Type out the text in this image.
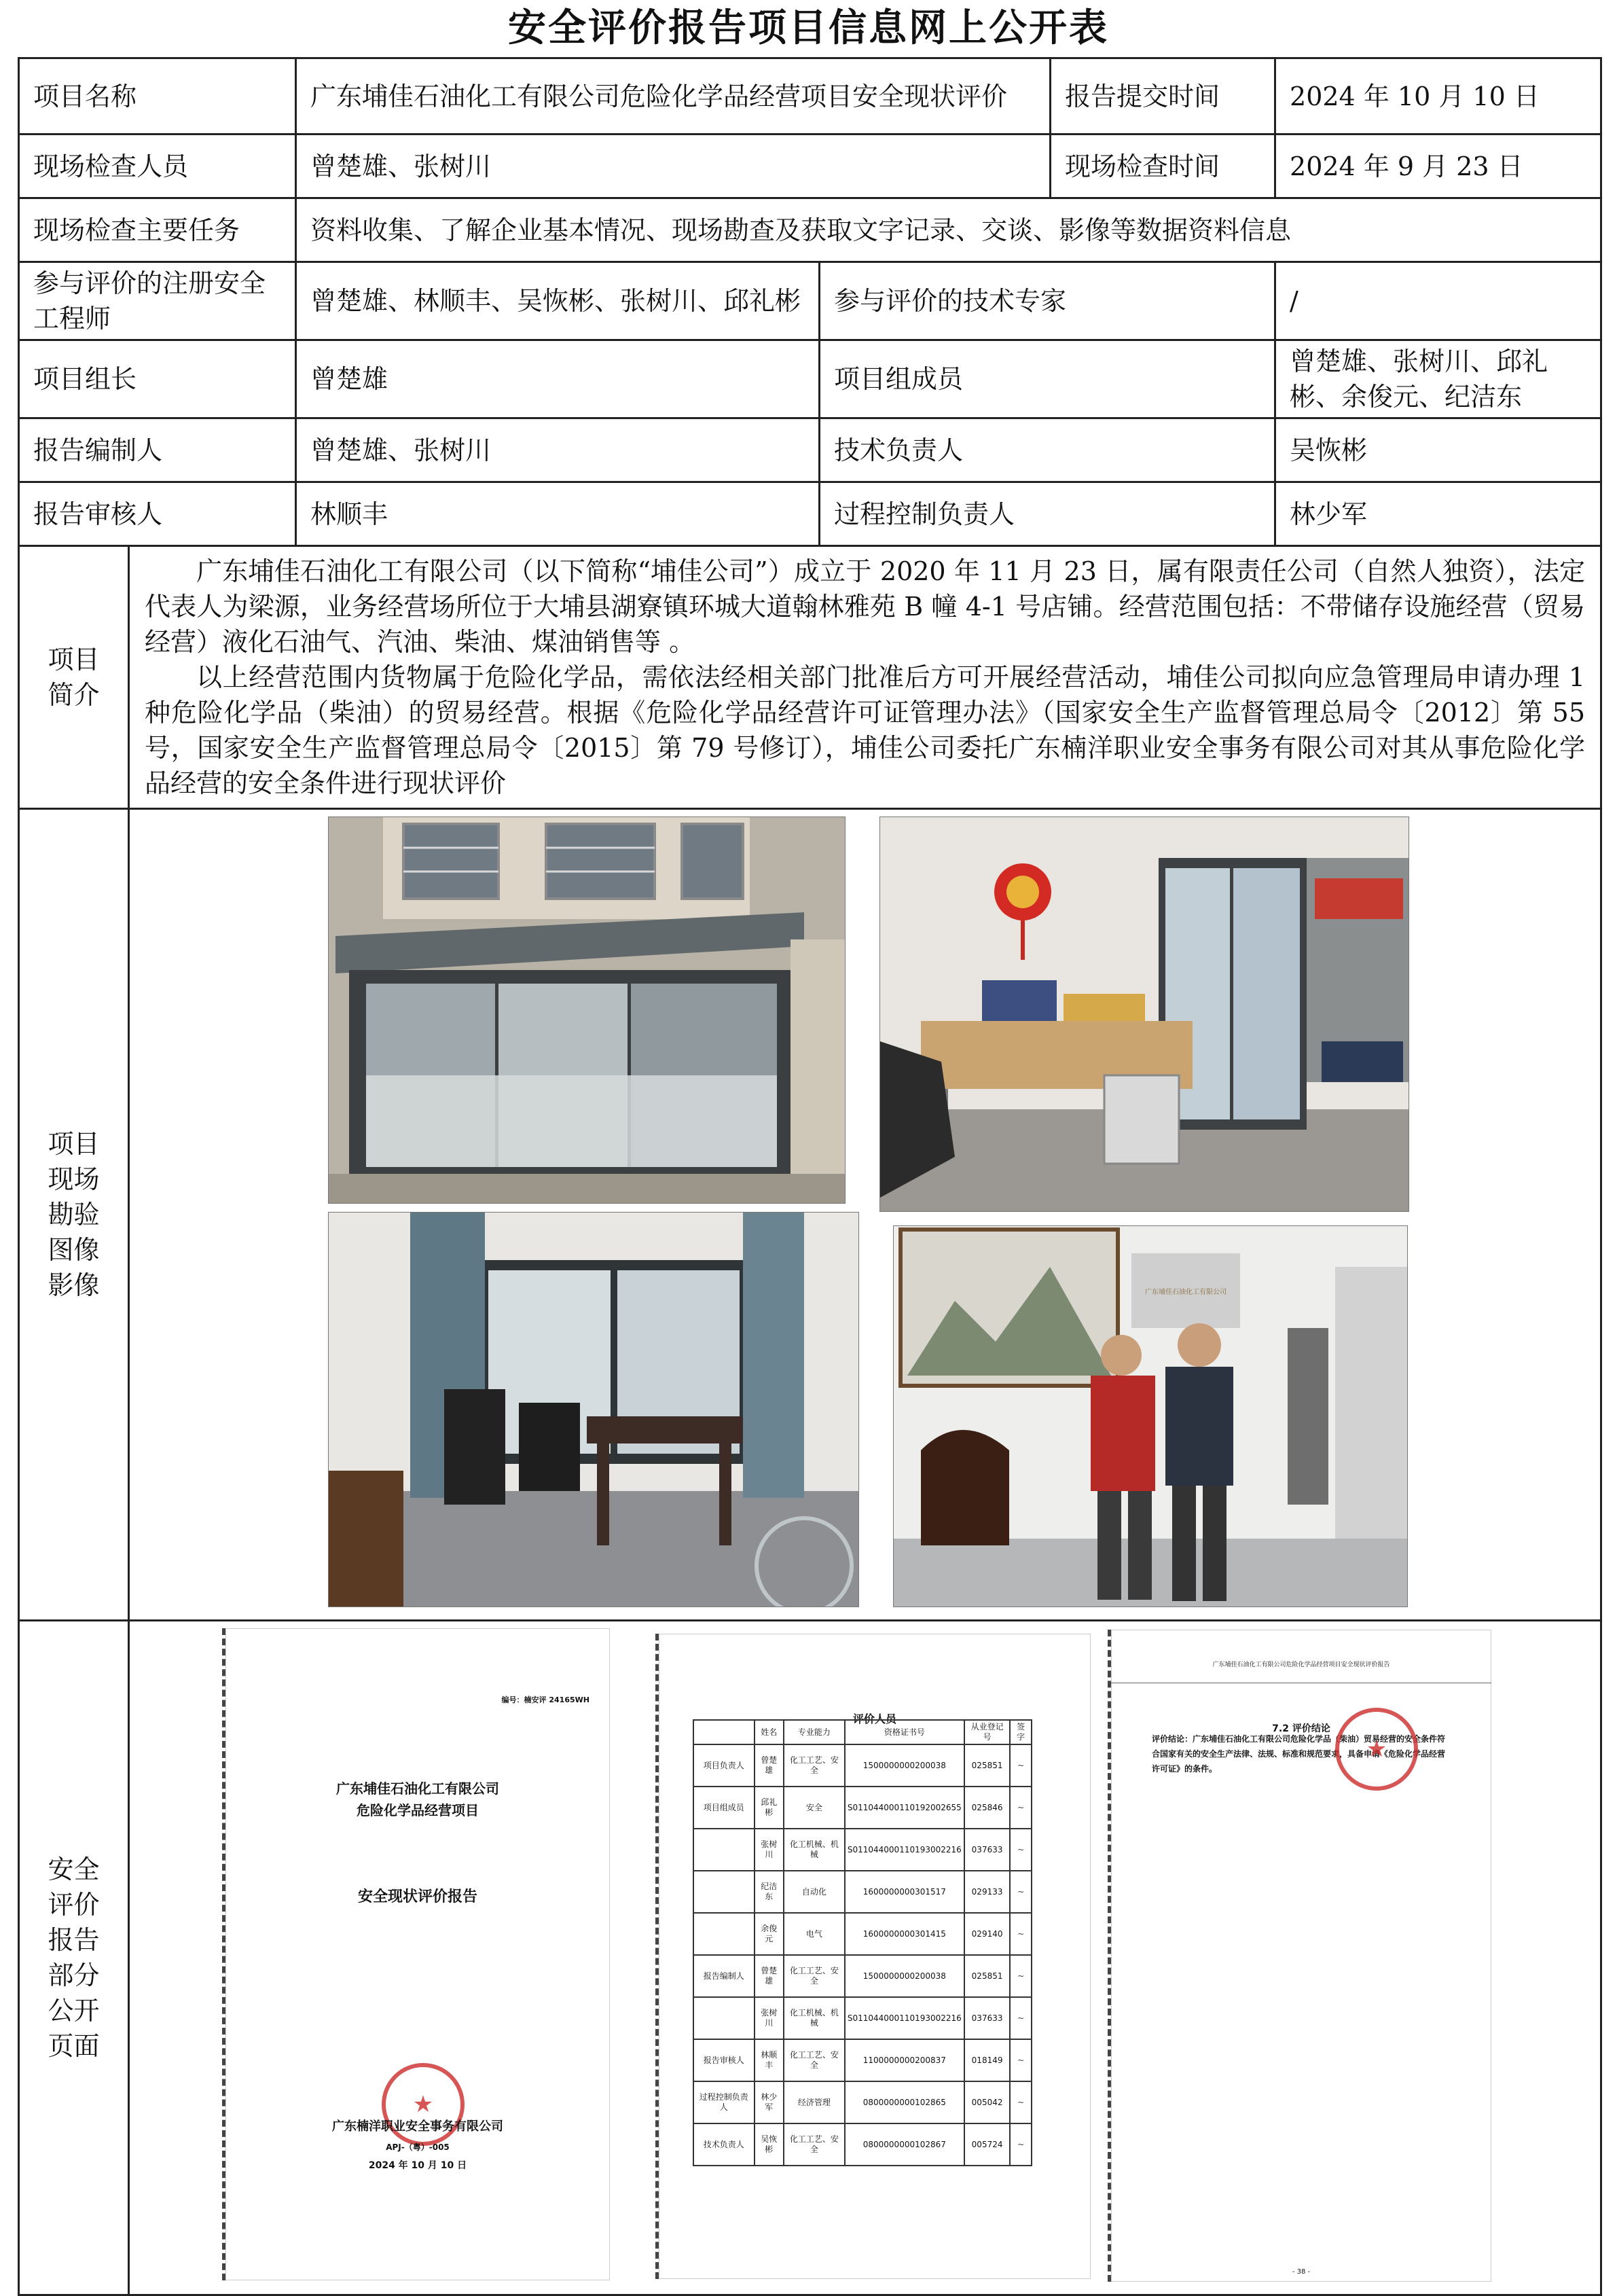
安全评价报告项目信息网上公开表
项目名称	广东埔佳石油化工有限公司危险化学品经营项目安全现状评价	报告提交时间	2024 年 10 月 10 日
现场检查人员	曾楚雄、张树川	现场检查时间	2024 年 9 月 23 日
现场检查主要任务	资料收集、了解企业基本情况、现场勘查及获取文字记录、交谈、影像等数据资料信息
参与评价的注册安全工程师	曾楚雄、林顺丰、吴恢彬、张树川、邱礼彬	参与评价的技术专家	/
项目组长	曾楚雄	项目组成员	曾楚雄、张树川、邱礼彬、余俊元、纪洁东
报告编制人	曾楚雄、张树川	技术负责人	吴恢彬
报告审核人	林顺丰	过程控制负责人	林少军

项目
简介

广东埔佳石油化工有限公司（以下简称“埔佳公司”）成立于 2020 年 11 月 23 日，属有限责任公司（自然人独资），法定代表人为梁源，业务经营场所位于大埔县湖寮镇环城大道翰林雅苑 B 幢 4-1 号店铺。经营范围包括：不带储存设施经营（贸易经营）液化石油气、汽油、柴油、煤油销售等 。

以上经营范围内货物属于危险化学品，需依法经相关部门批准后方可开展经营活动，埔佳公司拟向应急管理局申请办理 1 种危险化学品（柴油）的贸易经营。根据《危险化学品经营许可证管理办法》（国家安全生产监督管理总局令〔2012〕第 55 号，国家安全生产监督管理总局令〔2015〕第 79 号修订），埔佳公司委托广东楠洋职业安全事务有限公司对其从事危险化学品经营的安全条件进行现状评价

项目
现场
勘验
图像
影像	广东埔佳石油化工有限公司

安全
评价
报告
部分
公开
页面

编号：楠安评 24165WH
广东埔佳石油化工有限公司
危险化学品经营项目
安全现状评价报告
★
广东楠洋职业安全事务有限公司
APJ-（粤）-005
2024 年 10 月 10 日
评价人员
	姓名	专业能力	资格证书号	从业登记号	签字
项目负责人	曾楚雄	化工工艺、安全	1500000000200038	025851	~
项目组成员	邱礼彬	安全	S011044000110192002655	025846	~
	张树川	化工机械、机械	S011044000110193002216	037633	~
	纪洁东	自动化	1600000000301517	029133	~
	余俊元	电气	1600000000301415	029140	~
报告编制人	曾楚雄	化工工艺、安全	1500000000200038	025851	~
	张树川	化工机械、机械	S011044000110193002216	037633	~
报告审核人	林顺丰	化工工艺、安全	1100000000200837	018149	~
过程控制负责人	林少军	经济管理	0800000000102865	005042	~
技术负责人	吴恢彬	化工工艺、安全	0800000000102867	005724	~
广东埔佳石油化工有限公司危险化学品经营项目安全现状评价报告
7.2 评价结论
评价结论：广东埔佳石油化工有限公司危险化学品（柴油）贸易经营的安全条件符合国家有关的安全生产法律、法规、标准和规范要求，具备申请《危险化学品经营许可证》的条件。
★
- 38 -
